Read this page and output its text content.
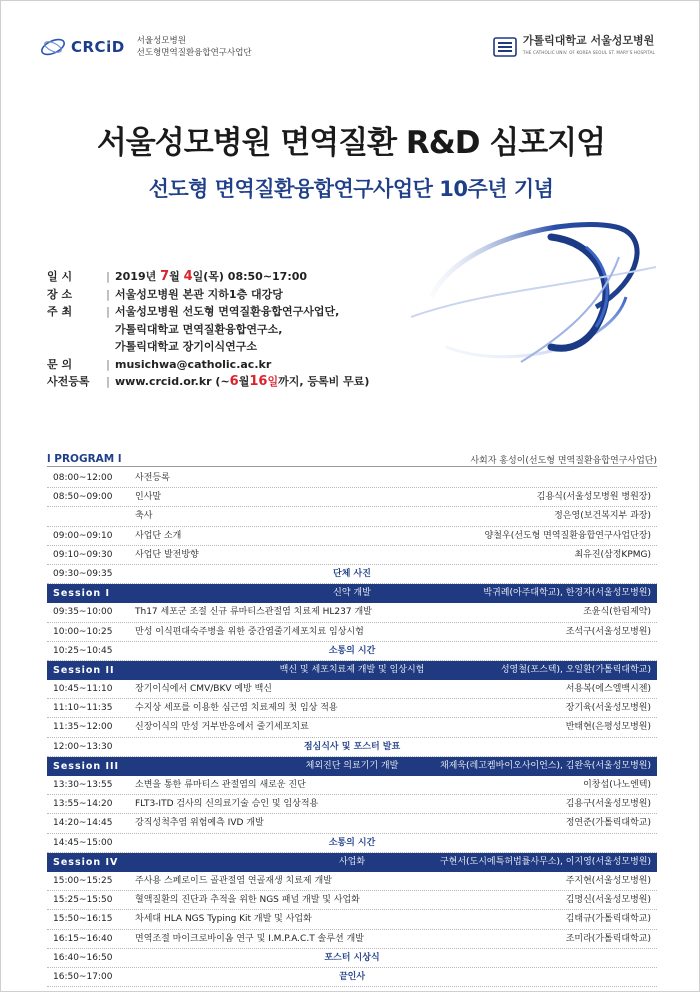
CRCiD 서울성모병원
선도형면역질환융합연구사업단
가톨릭대학교 서울성모병원
THE CATHOLIC UNIV. OF KOREA SEOUL ST. MARY'S HOSPITAL
서울성모병원 면역질환 R&D 심포지엄
선도형 면역질환융합연구사업단 10주년 기념
일 시	| 2019년 7월 4일(목) 08:50~17:00
장 소	| 서울성모병원 본관 지하1층 대강당
주 최	| 서울성모병원 선도형 면역질환융합연구사업단,
가톨릭대학교 면역질환융합연구소,
가톨릭대학교 장기이식연구소
문 의	| musichwa@catholic.ac.kr
사전등록	| www.crcid.or.kr (~6월16일까지, 등록비 무료)
l PROGRAM l	사회자 홍성이(선도형 면역질환융합연구사업단)
08:00~12:00	사전등록
08:50~09:00	인사말	김용식(서울성모병원 병원장)
축사	정은영(보건복지부 과장)
09:00~09:10	사업단 소개	양철우(선도형 면역질환융합연구사업단장)
09:10~09:30	사업단 발전방향	최유진(삼정KPMG)
09:30~09:35	단체 사진
Session I	신약 개발	박귀례(아주대학교), 한경자(서울성모병원)
09:35~10:00	Th17 세포군 조절 신규 류마티스관절염 치료제 HL237 개발	조윤식(한림제약)
10:00~10:25	만성 이식편대숙주병을 위한 중간엽줄기세포치료 임상시험	조석구(서울성모병원)
10:25~10:45	소통의 시간
Session II	백신 및 세포치료제 개발 및 임상시험	성영철(포스텍), 오일환(가톨릭대학교)
10:45~11:10	장기이식에서 CMV/BKV 예방 백신	서용복(에스엘백시젠)
11:10~11:35	수지상 세포를 이용한 심근염 치료제의 첫 임상 적용	장기육(서울성모병원)
11:35~12:00	신장이식의 만성 거부반응에서 줄기세포치료	반태현(은평성모병원)
12:00~13:30	점심식사 및 포스터 발표
Session III	체외진단 의료기기 개발	채제욱(레고켐바이오사이언스), 김완욱(서울성모병원)
13:30~13:55	소변을 통한 류마티스 관절염의 새로운 진단	이창섭(나노엔텍)
13:55~14:20	FLT3-ITD 검사의 신의료기술 승인 및 임상적용	김용구(서울성모병원)
14:20~14:45	강직성척추염 위험예측 IVD 개발	정연준(가톨릭대학교)
14:45~15:00	소통의 시간
Session IV	사업화	구현서(도시에특허법률사무소), 이지영(서울성모병원)
15:00~15:25	주사용 스페로이드 골관절염 연골재생 치료제 개발	주지현(서울성모병원)
15:25~15:50	혈액질환의 진단과 추적을 위한 NGS 패널 개발 및 사업화	김명신(서울성모병원)
15:50~16:15	차세대 HLA NGS Typing Kit 개발 및 사업화	김태규(가톨릭대학교)
16:15~16:40	면역조절 마이크로바이옴 연구 및 I.M.P.A.C.T 솔루션 개발	조미라(가톨릭대학교)
16:40~16:50	포스터 시상식
16:50~17:00	끝인사
